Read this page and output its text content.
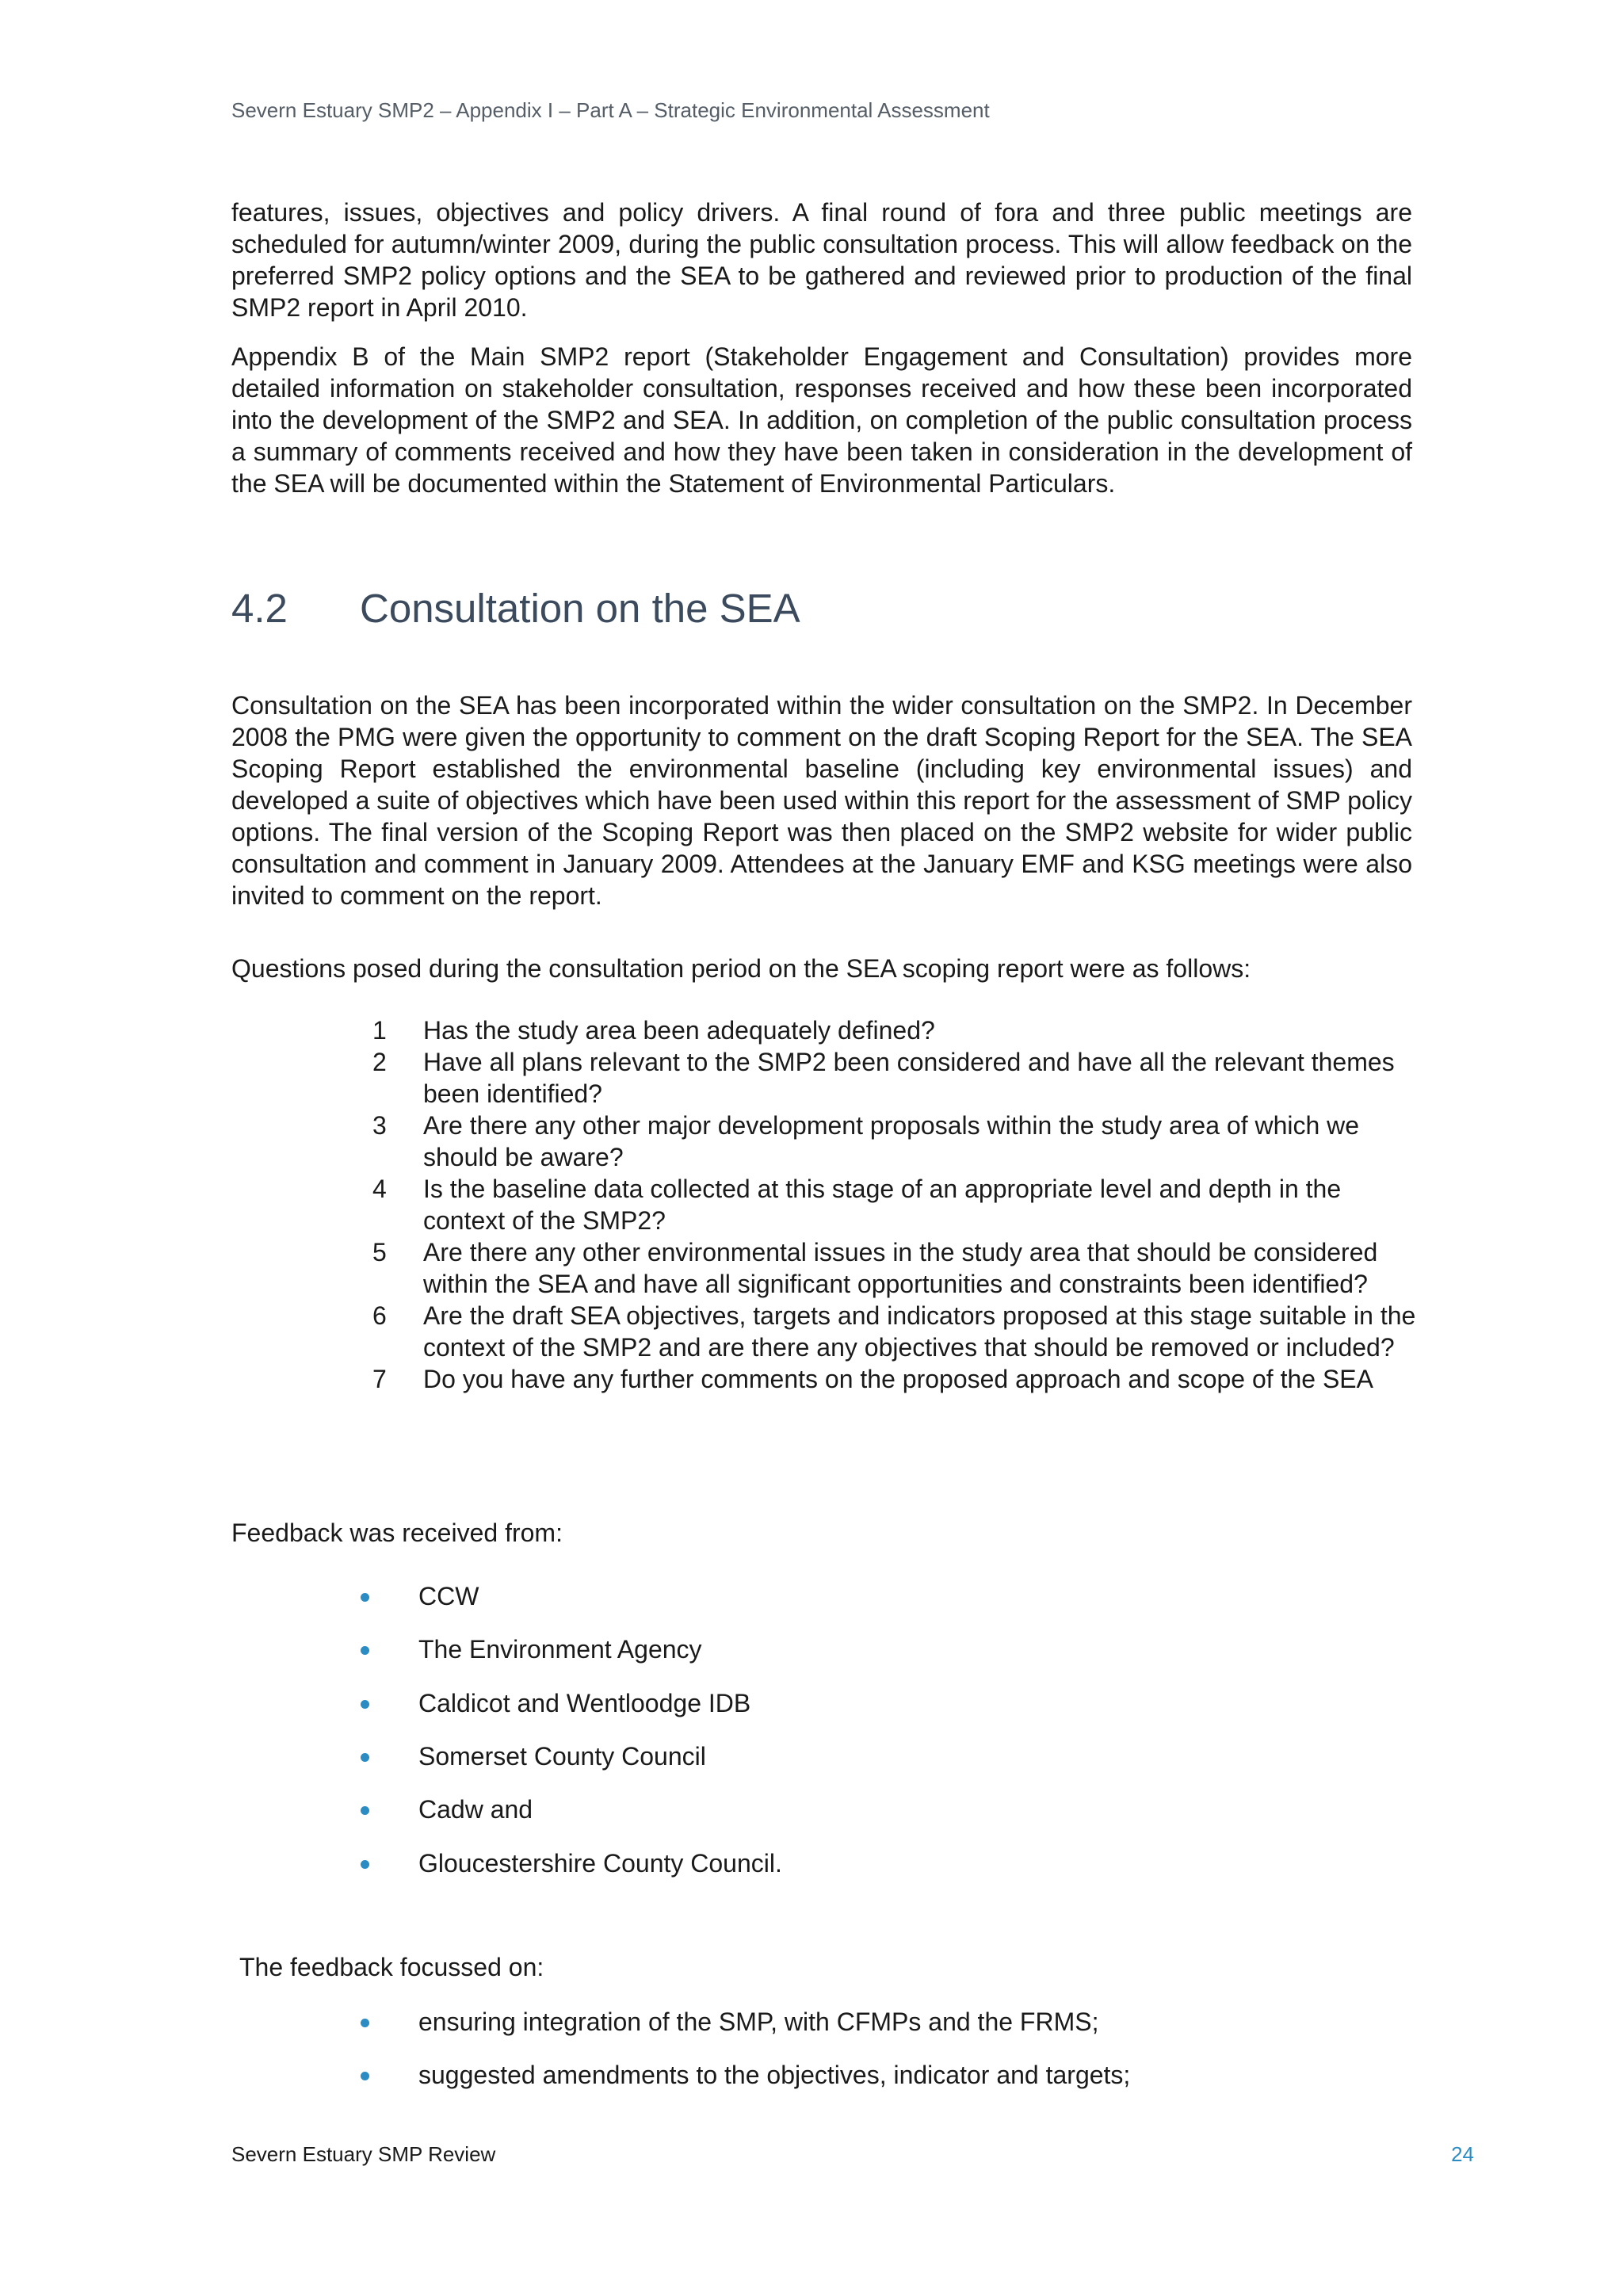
Severn Estuary SMP2 – Appendix I – Part A – Strategic Environmental Assessment

features, issues, objectives and policy drivers. A final round of fora and three public meetings are scheduled for autumn/winter 2009, during the public consultation process. This will allow feedback on the preferred SMP2 policy options and the SEA to be gathered and reviewed prior to production of the final SMP2 report in April 2010.

Appendix B of the Main SMP2 report (Stakeholder Engagement and Consultation) provides more detailed information on stakeholder consultation, responses received and how these been incorporated into the development of the SMP2 and SEA. In addition, on completion of the public consultation process a summary of comments received and how they have been taken in consideration in the development of the SEA will be documented within the Statement of Environmental Particulars.

4.2 Consultation on the SEA

Consultation on the SEA has been incorporated within the wider consultation on the SMP2. In December 2008 the PMG were given the opportunity to comment on the draft Scoping Report for the SEA. The SEA Scoping Report established the environmental baseline (including key environmental issues) and developed a suite of objectives which have been used within this report for the assessment of SMP policy options. The final version of the Scoping Report was then placed on the SMP2 website for wider public consultation and comment in January 2009. Attendees at the January EMF and KSG meetings were also invited to comment on the report.

Questions posed during the consultation period on the SEA scoping report were as follows:

1 Has the study area been adequately defined?
2 Have all plans relevant to the SMP2 been considered and have all the relevant themes been identified?
3 Are there any other major development proposals within the study area of which we should be aware?
4 Is the baseline data collected at this stage of an appropriate level and depth in the context of the SMP2?
5 Are there any other environmental issues in the study area that should be considered within the SEA and have all significant opportunities and constraints been identified?
6 Are the draft SEA objectives, targets and indicators proposed at this stage suitable in the context of the SMP2 and are there any objectives that should be removed or included?
7 Do you have any further comments on the proposed approach and scope of the SEA

Feedback was received from:

CCW
The Environment Agency
Caldicot and Wentloodge IDB
Somerset County Council
Cadw and
Gloucestershire County Council.

The feedback focussed on:

ensuring integration of the SMP, with CFMPs and the FRMS;
suggested amendments to the objectives, indicator and targets;
Severn Estuary SMP Review	24
